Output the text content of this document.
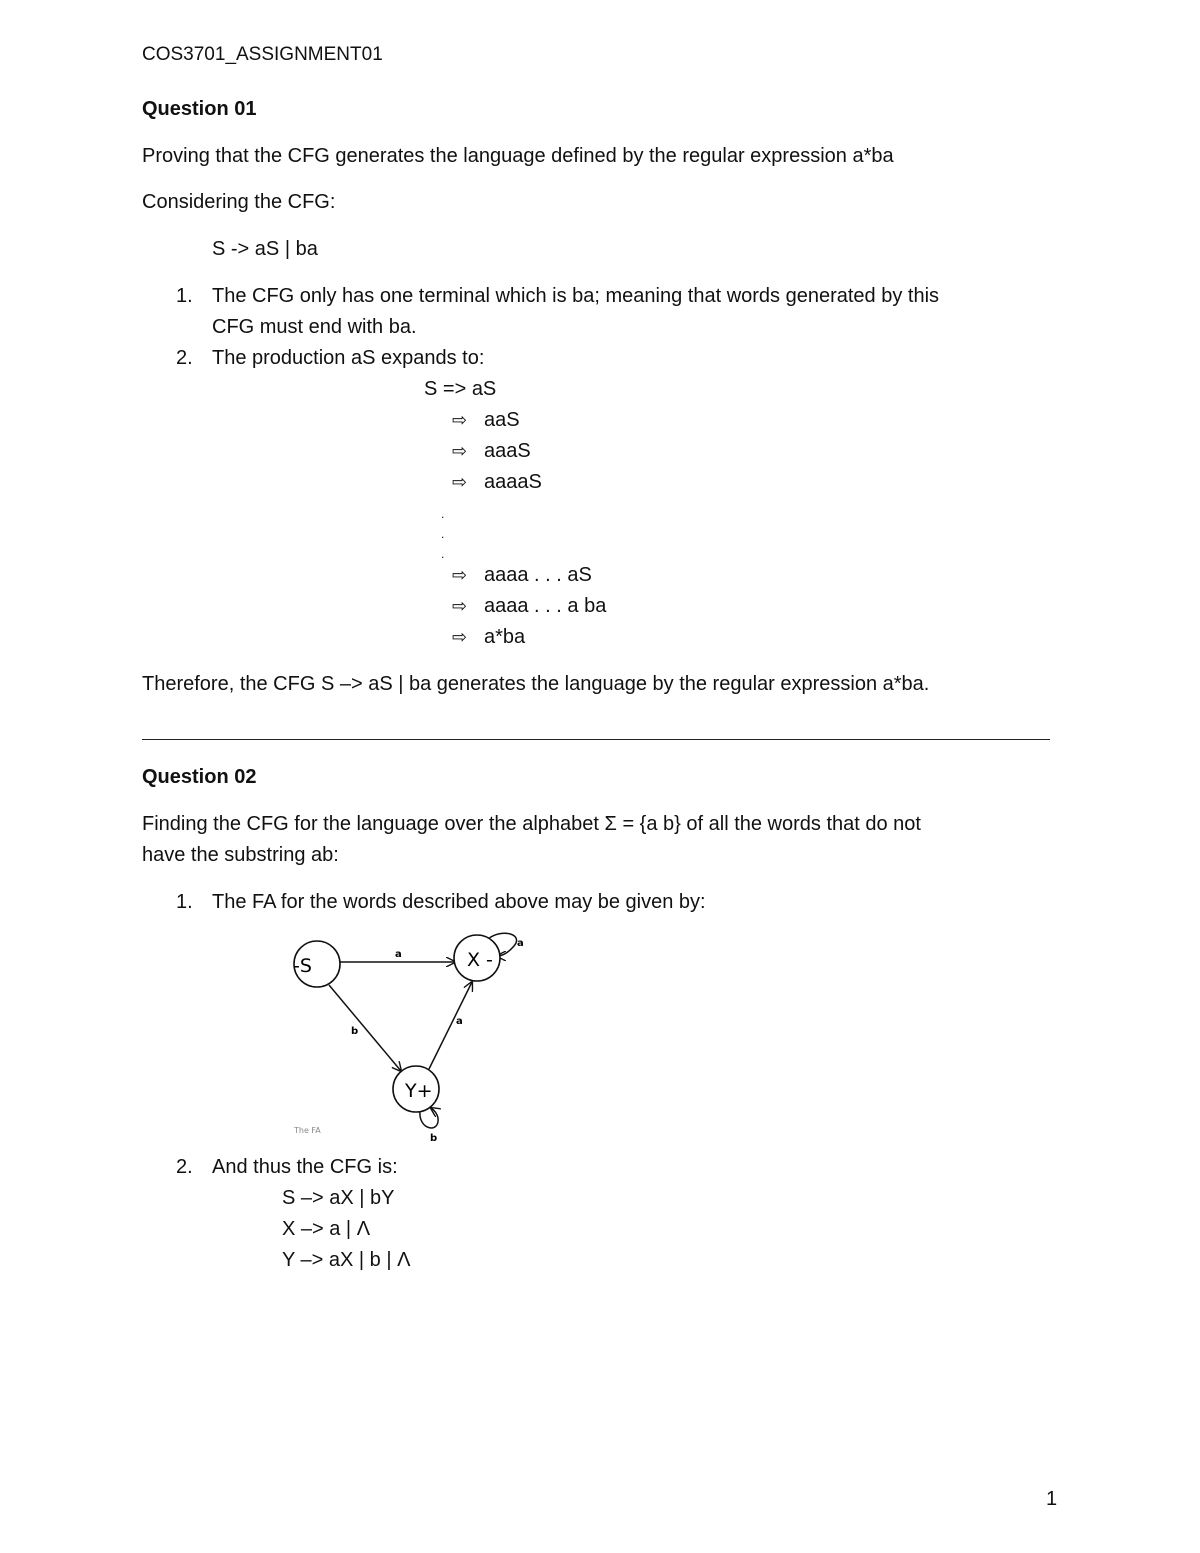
COS3701_ASSIGNMENT01
Question 01
Proving that the CFG generates the language defined by the regular expression a*ba
Considering the CFG:
S -> aS | ba
1. The CFG only has one terminal which is ba; meaning that words generated by this
CFG must end with ba.
2. The production aS expands to:
S => aS
⇨ aaS
⇨ aaaS
⇨ aaaaS
.
.
.
⇨ aaaa . . . aS
⇨ aaaa . . . a ba
⇨ a*ba
Therefore, the CFG S –> aS | ba generates the language by the regular expression a*ba.
Question 02
Finding the CFG for the language over the alphabet Σ = {a b} of all the words that do not
have the substring ab:
1. The FA for the words described above may be given by:
a
b
a
a
b
-S	X -
Y+
The FA
2. And thus the CFG is:
S –> aX | bY
X –> a | Λ
Y –> aX | b | Λ
1
